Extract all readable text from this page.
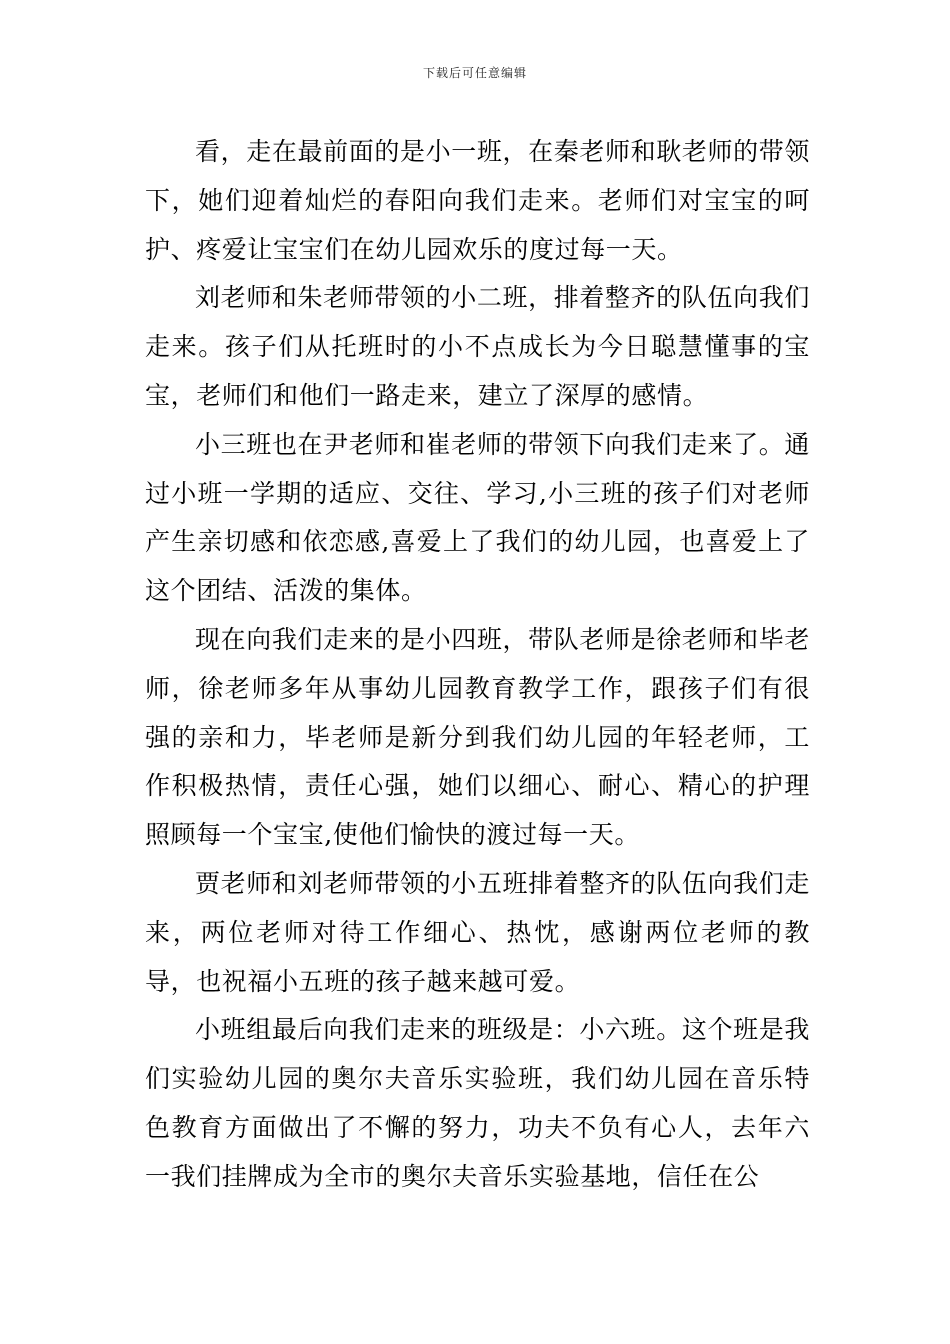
下载后可任意编辑

看，走在最前面的是小一班，在秦老师和耿老师的带领下，她们迎着灿烂的春阳向我们走来。老师们对宝宝的呵护、疼爱让宝宝们在幼儿园欢乐的度过每一天。

刘老师和朱老师带领的小二班，排着整齐的队伍向我们走来。孩子们从托班时的小不点成长为今日聪慧懂事的宝宝，老师们和他们一路走来，建立了深厚的感情。

小三班也在尹老师和崔老师的带领下向我们走来了。通过小班一学期的适应、交往、学习,小三班的孩子们对老师产生亲切感和依恋感,喜爱上了我们的幼儿园，也喜爱上了这个团结、活泼的集体。

现在向我们走来的是小四班，带队老师是徐老师和毕老师，徐老师多年从事幼儿园教育教学工作，跟孩子们有很强的亲和力，毕老师是新分到我们幼儿园的年轻老师，工作积极热情，责任心强，她们以细心、耐心、精心的护理照顾每一个宝宝,使他们愉快的渡过每一天。

贾老师和刘老师带领的小五班排着整齐的队伍向我们走来，两位老师对待工作细心、热忱，感谢两位老师的教导，也祝福小五班的孩子越来越可爱。

小班组最后向我们走来的班级是：小六班。这个班是我们实验幼儿园的奥尔夫音乐实验班，我们幼儿园在音乐特色教育方面做出了不懈的努力，功夫不负有心人，去年六一我们挂牌成为全市的奥尔夫音乐实验基地，信任在公
